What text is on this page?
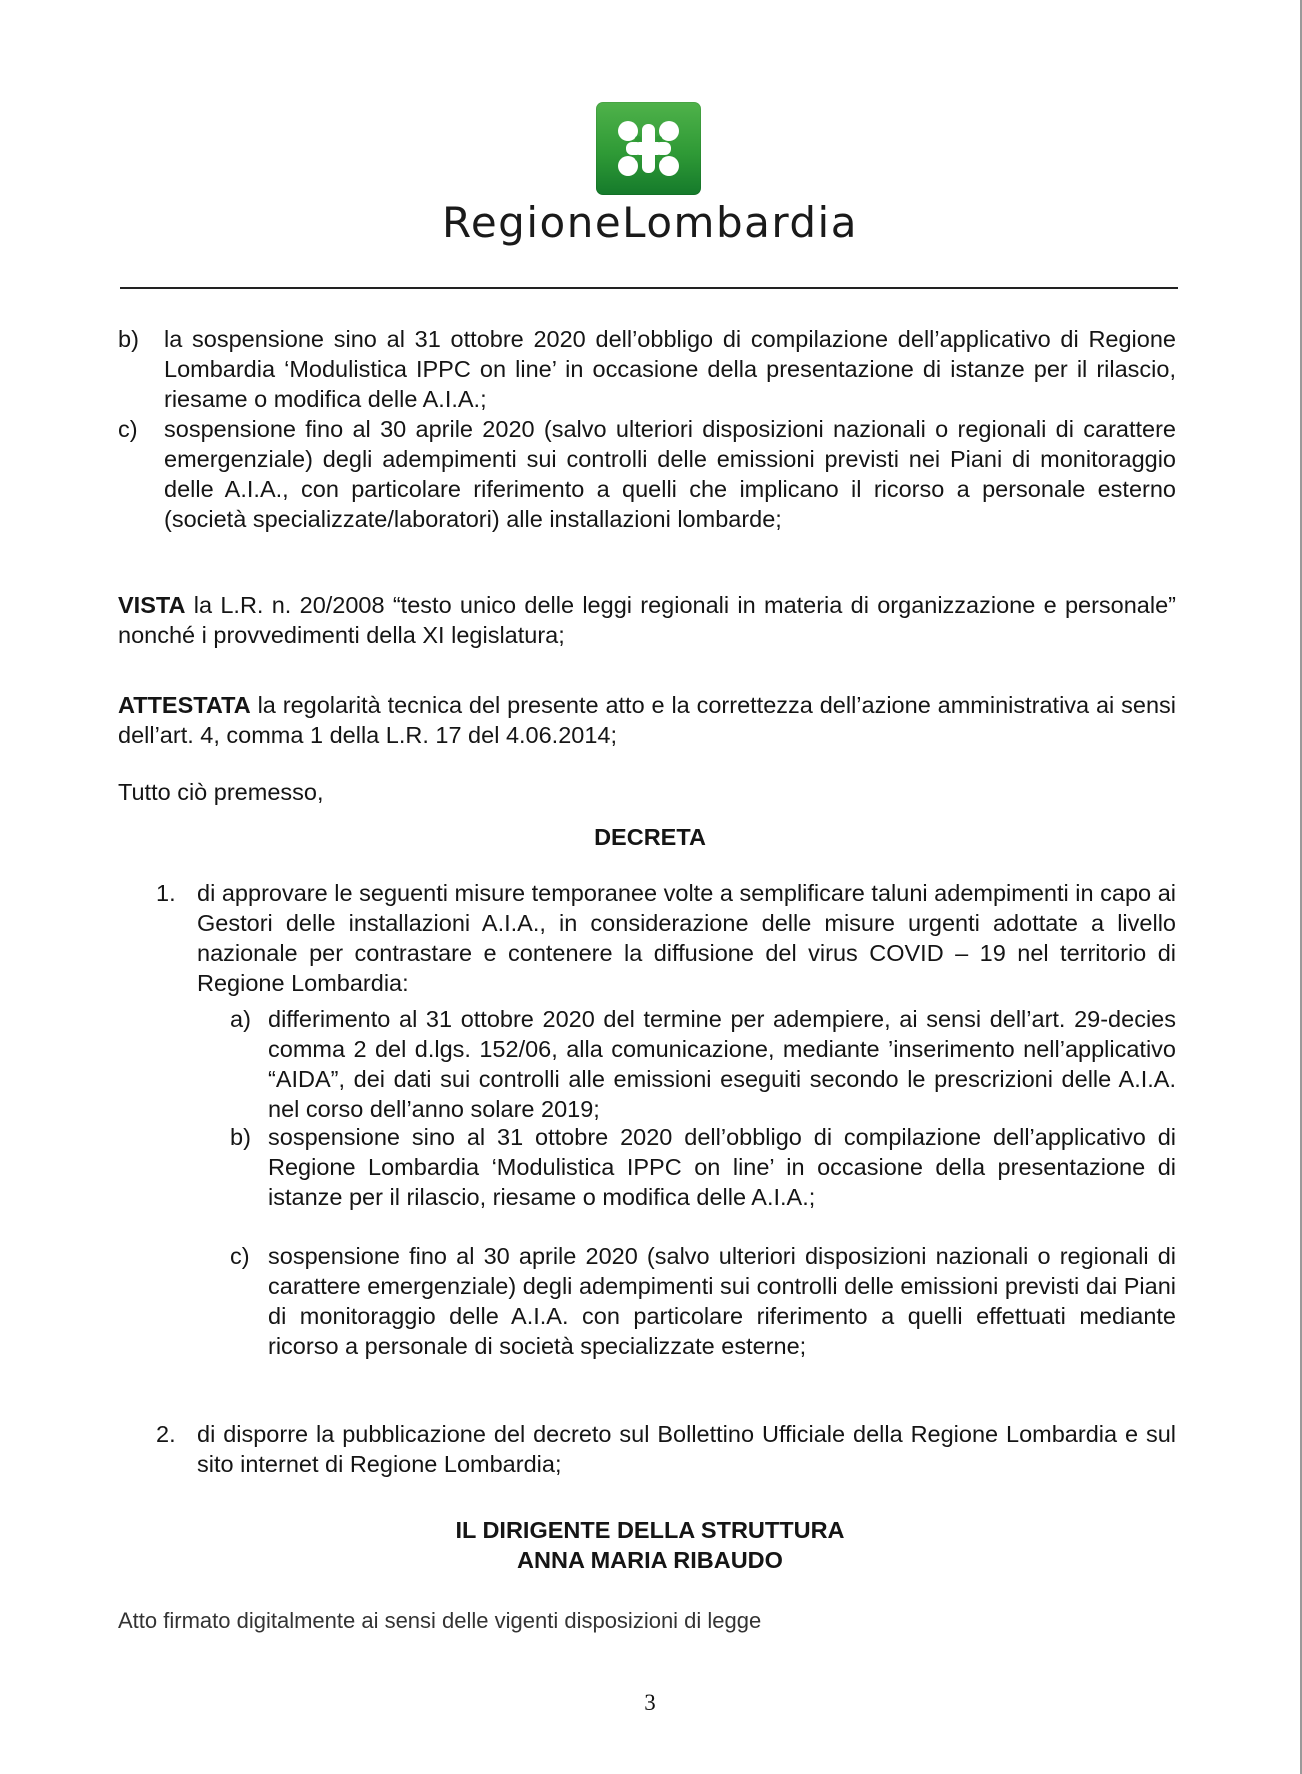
RegioneLombardia
b) la sospensione sino al 31 ottobre 2020 dell’obbligo di compilazione dell’applicativo di Regione Lombardia ‘Modulistica IPPC on line’ in occasione della presentazione di istanze per il rilascio, riesame o modifica delle A.I.A.;
c) sospensione fino al 30 aprile 2020 (salvo ulteriori disposizioni nazionali o regionali di carattere emergenziale) degli adempimenti sui controlli delle emissioni previsti nei Piani di monitoraggio delle A.I.A., con particolare riferimento a quelli che implicano il ricorso a personale esterno (società specializzate/laboratori) alle installazioni lombarde;
VISTA la L.R. n. 20/2008 “testo unico delle leggi regionali in materia di organizzazione e personale” nonché i provvedimenti della XI legislatura;
ATTESTATA la regolarità tecnica del presente atto e la correttezza dell’azione amministrativa ai sensi dell’art. 4, comma 1 della L.R. 17 del 4.06.2014;
Tutto ciò premesso,
DECRETA
1. di approvare le seguenti misure temporanee volte a semplificare taluni adempimenti in capo ai Gestori delle installazioni A.I.A., in considerazione delle misure urgenti adottate a livello nazionale per contrastare e contenere la diffusione del virus COVID – 19 nel territorio di Regione Lombardia:
a) differimento al 31 ottobre 2020 del termine per adempiere, ai sensi dell’art. 29-decies comma 2 del d.lgs. 152/06, alla comunicazione, mediante ’inserimento nell’applicativo “AIDA”, dei dati sui controlli alle emissioni eseguiti secondo le prescrizioni delle A.I.A. nel corso dell’anno solare 2019;
b) sospensione sino al 31 ottobre 2020 dell’obbligo di compilazione dell’applicativo di Regione Lombardia ‘Modulistica IPPC on line’ in occasione della presentazione di istanze per il rilascio, riesame o modifica delle A.I.A.;
c) sospensione fino al 30 aprile 2020 (salvo ulteriori disposizioni nazionali o regionali di carattere emergenziale) degli adempimenti sui controlli delle emissioni previsti dai Piani di monitoraggio delle A.I.A. con particolare riferimento a quelli effettuati mediante ricorso a personale di società specializzate esterne;
2. di disporre la pubblicazione del decreto sul Bollettino Ufficiale della Regione Lombardia e sul sito internet di Regione Lombardia;
IL DIRIGENTE DELLA STRUTTURA
ANNA MARIA RIBAUDO
Atto firmato digitalmente ai sensi delle vigenti disposizioni di legge
3
